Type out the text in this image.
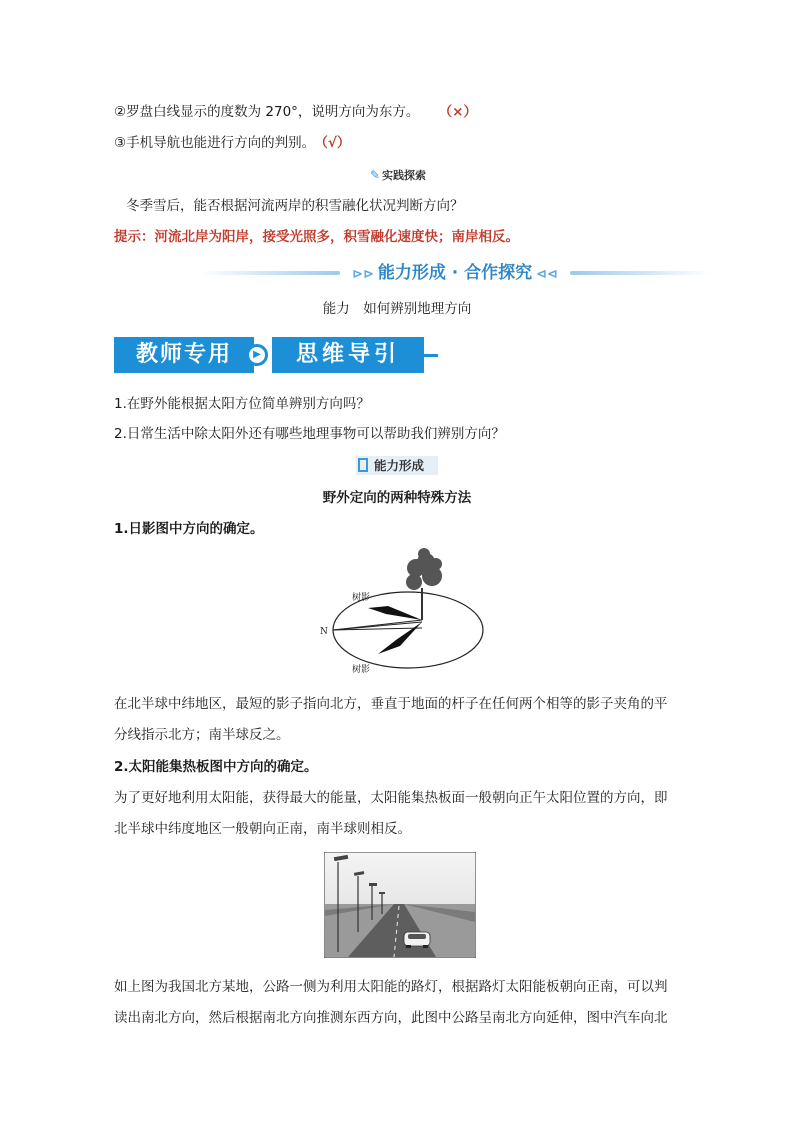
②罗盘白线显示的度数为 270°，说明方向为东方。 （×）
③手机导航也能进行方向的判别。 （√）
✎ 实践探索
冬季雪后，能否根据河流两岸的积雪融化状况判断方向？
提示：河流北岸为阳岸，接受光照多，积雪融化速度快；南岸相反。
⊳⊳ 能力形成 · 合作探究 ⊲⊲
能力　如何辨别地理方向
教师专用	▶	思维导引
1.在野外能根据太阳方位简单辨别方向吗？
2.日常生活中除太阳外还有哪些地理事物可以帮助我们辨别方向？
能力形成
野外定向的两种特殊方法
1.日影图中方向的确定。
树影
树影
N
在北半球中纬地区，最短的影子指向北方，垂直于地面的杆子在任何两个相等的影子夹角的平
分线指示北方；南半球反之。
2.太阳能集热板图中方向的确定。
为了更好地利用太阳能，获得最大的能量，太阳能集热板面一般朝向正午太阳位置的方向，即
北半球中纬度地区一般朝向正南，南半球则相反。
如上图为我国北方某地，公路一侧为利用太阳能的路灯，根据路灯太阳能板朝向正南，可以判
读出南北方向，然后根据南北方向推测东西方向，此图中公路呈南北方向延伸，图中汽车向北
